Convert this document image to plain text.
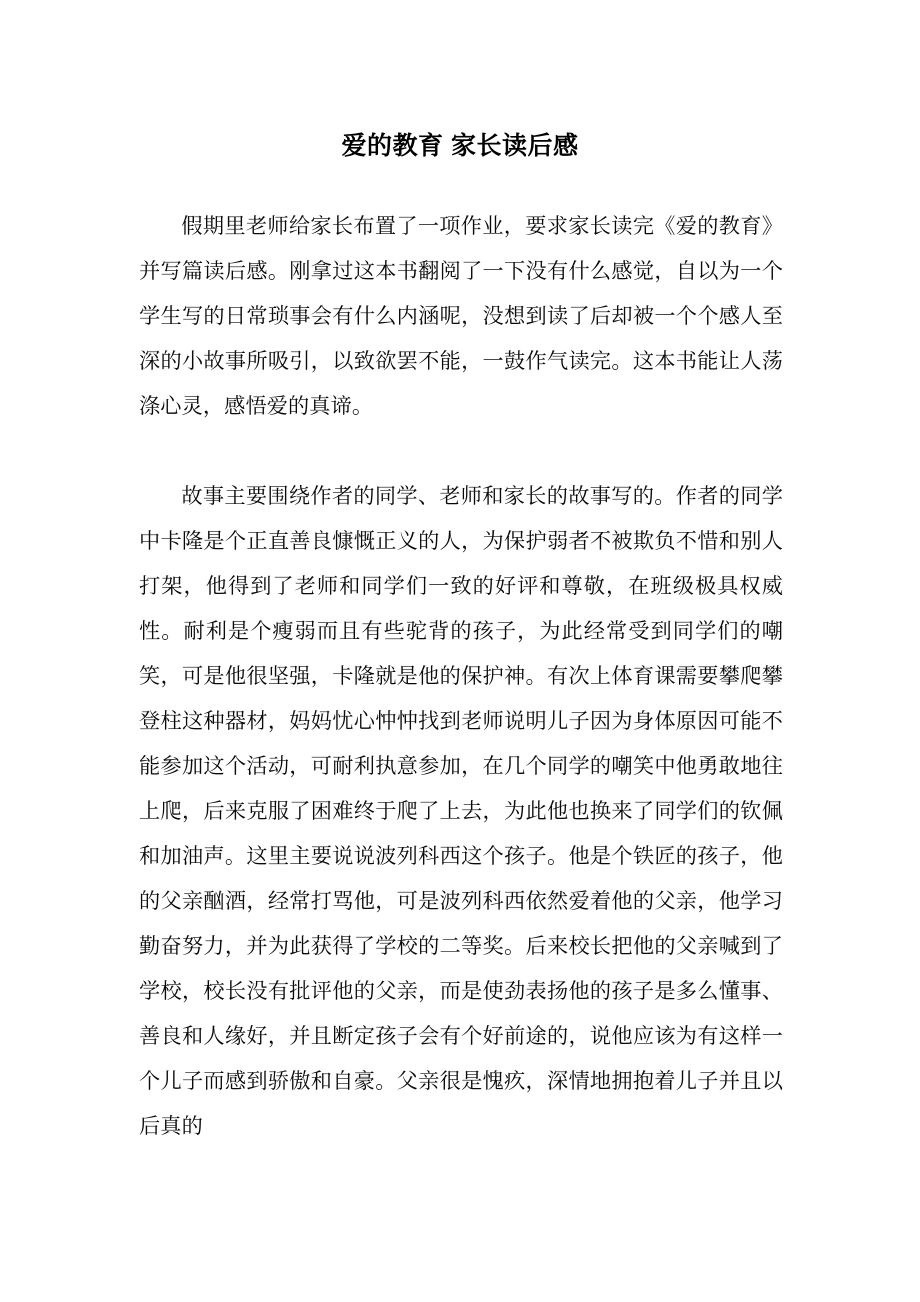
爱的教育 家长读后感

假期里老师给家长布置了一项作业，要求家长读完《爱的教育》并写篇读后感。刚拿过这本书翻阅了一下没有什么感觉，自以为一个学生写的日常琐事会有什么内涵呢，没想到读了后却被一个个感人至深的小故事所吸引，以致欲罢不能，一鼓作气读完。这本书能让人荡涤心灵，感悟爱的真谛。

故事主要围绕作者的同学、老师和家长的故事写的。作者的同学中卡隆是个正直善良慷慨正义的人，为保护弱者不被欺负不惜和别人打架，他得到了老师和同学们一致的好评和尊敬，在班级极具权威性。耐利是个瘦弱而且有些驼背的孩子，为此经常受到同学们的嘲笑，可是他很坚强，卡隆就是他的保护神。有次上体育课需要攀爬攀登柱这种器材，妈妈忧心忡忡找到老师说明儿子因为身体原因可能不能参加这个活动，可耐利执意参加，在几个同学的嘲笑中他勇敢地往上爬，后来克服了困难终于爬了上去，为此他也换来了同学们的钦佩和加油声。这里主要说说波列科西这个孩子。他是个铁匠的孩子，他的父亲酗酒，经常打骂他，可是波列科西依然爱着他的父亲，他学习勤奋努力，并为此获得了学校的二等奖。后来校长把他的父亲喊到了学校，校长没有批评他的父亲，而是使劲表扬他的孩子是多么懂事、善良和人缘好，并且断定孩子会有个好前途的，说他应该为有这样一个儿子而感到骄傲和自豪。父亲很是愧疚，深情地拥抱着儿子并且以后真的
